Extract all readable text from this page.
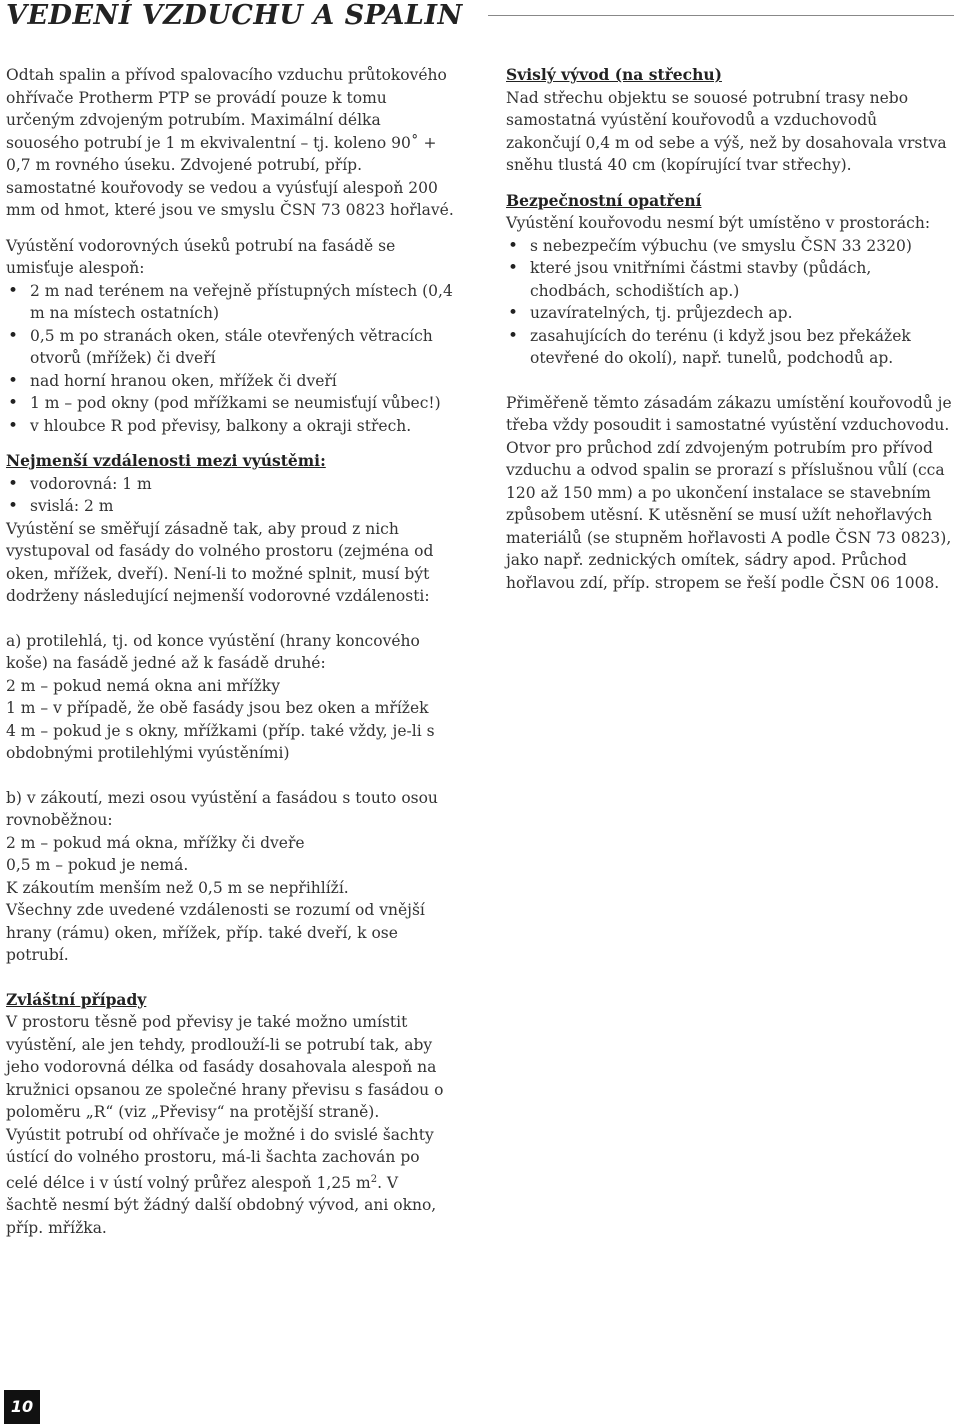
VEDENÍ VZDUCHU A SPALIN

Odtah spalin a přívod spalovacího vzduchu průtokového ohřívače Protherm PTP se provádí pouze k tomu určeným zdvojeným potrubím. Maximální délka souosého potrubí je 1 m ekvivalentní – tj. koleno 90˚ + 0,7 m rovného úseku. Zdvojené potrubí, příp. samostatné kouřovody se vedou a vyúsťují alespoň 200 mm od hmot, které jsou ve smyslu ČSN 73 0823 hořlavé.

Vyústění vodorovných úseků potrubí na fasádě se umisťuje alespoň:

• 2 m nad terénem na veřejně přístupných místech (0,4 m na místech ostatních)
• 0,5 m po stranách oken, stále otevřených větracích otvorů (mřížek) či dveří
• nad horní hranou oken, mřížek či dveří
• 1 m – pod okny (pod mřížkami se neumisťují vůbec!)
• v hloubce R pod převisy, balkony a okraji střech.

Nejmenší vzdálenosti mezi vyústěmi:

• vodorovná: 1 m
• svislá: 2 m

Vyústění se směřují zásadně tak, aby proud z nich vystupoval od fasády do volného prostoru (zejména od oken, mřížek, dveří). Není-li to možné splnit, musí být dodrženy následující nejmenší vodorovné vzdálenosti:

a) protilehlá, tj. od konce vyústění (hrany koncového koše) na fasádě jedné až k fasádě druhé:

2 m – pokud nemá okna ani mřížky

1 m – v případě, že obě fasády jsou bez oken a mřížek

4 m – pokud je s okny, mřížkami (příp. také vždy, je-li s obdobnými protilehlými vyústěními)

b) v zákoutí, mezi osou vyústění a fasádou s touto osou rovnoběžnou:

2 m – pokud má okna, mřížky či dveře

0,5 m – pokud je nemá.

K zákoutím menším než 0,5 m se nepřihlíží.

Všechny zde uvedené vzdálenosti se rozumí od vnější hrany (rámu) oken, mřížek, příp. také dveří, k ose potrubí.

Zvláštní případy

V prostoru těsně pod převisy je také možno umístit vyústění, ale jen tehdy, prodlouží-li se potrubí tak, aby jeho vodorovná délka od fasády dosahovala alespoň na kružnici opsanou ze společné hrany převisu s fasádou o poloměru „R“ (viz „Převisy“ na protější straně).

Vyústit potrubí od ohřívače je možné i do svislé šachty ústící do volného prostoru, má-li šachta zachován po celé délce i v ústí volný průřez alespoň 1,25 $m^2$. V šachtě nesmí být žádný další obdobný vývod, ani okno, příp. mřížka.

Svislý vývod (na střechu)

Nad střechu objektu se souosé potrubní trasy nebo samostatná vyústění kouřovodů a vzduchovodů zakončují 0,4 m od sebe a výš, než by dosahovala vrstva sněhu tlustá 40 cm (kopírující tvar střechy).

Bezpečnostní opatření

Vyústění kouřovodu nesmí být umístěno v prostorách:

• s nebezpečím výbuchu (ve smyslu ČSN 33 2320)
• které jsou vnitřními částmi stavby (půdách, chodbách, schodištích ap.)
• uzavíratelných, tj. průjezdech ap.
• zasahujících do terénu (i když jsou bez překážek otevřené do okolí), např. tunelů, podchodů ap.

Přiměřeně těmto zásadám zákazu umístění kouřovodů je třeba vždy posoudit i samostatné vyústění vzduchovodu. Otvor pro průchod zdí zdvojeným potrubím pro přívod vzduchu a odvod spalin se prorazí s příslušnou vůlí (cca 120 až 150 mm) a po ukončení instalace se stavebním způsobem utěsní. K utěsnění se musí užít nehořlavých materiálů (se stupněm hořlavosti A podle ČSN 73 0823), jako např. zednických omítek, sádry apod. Průchod hořlavou zdí, příp. stropem se řeší podle ČSN 06 1008.

10
